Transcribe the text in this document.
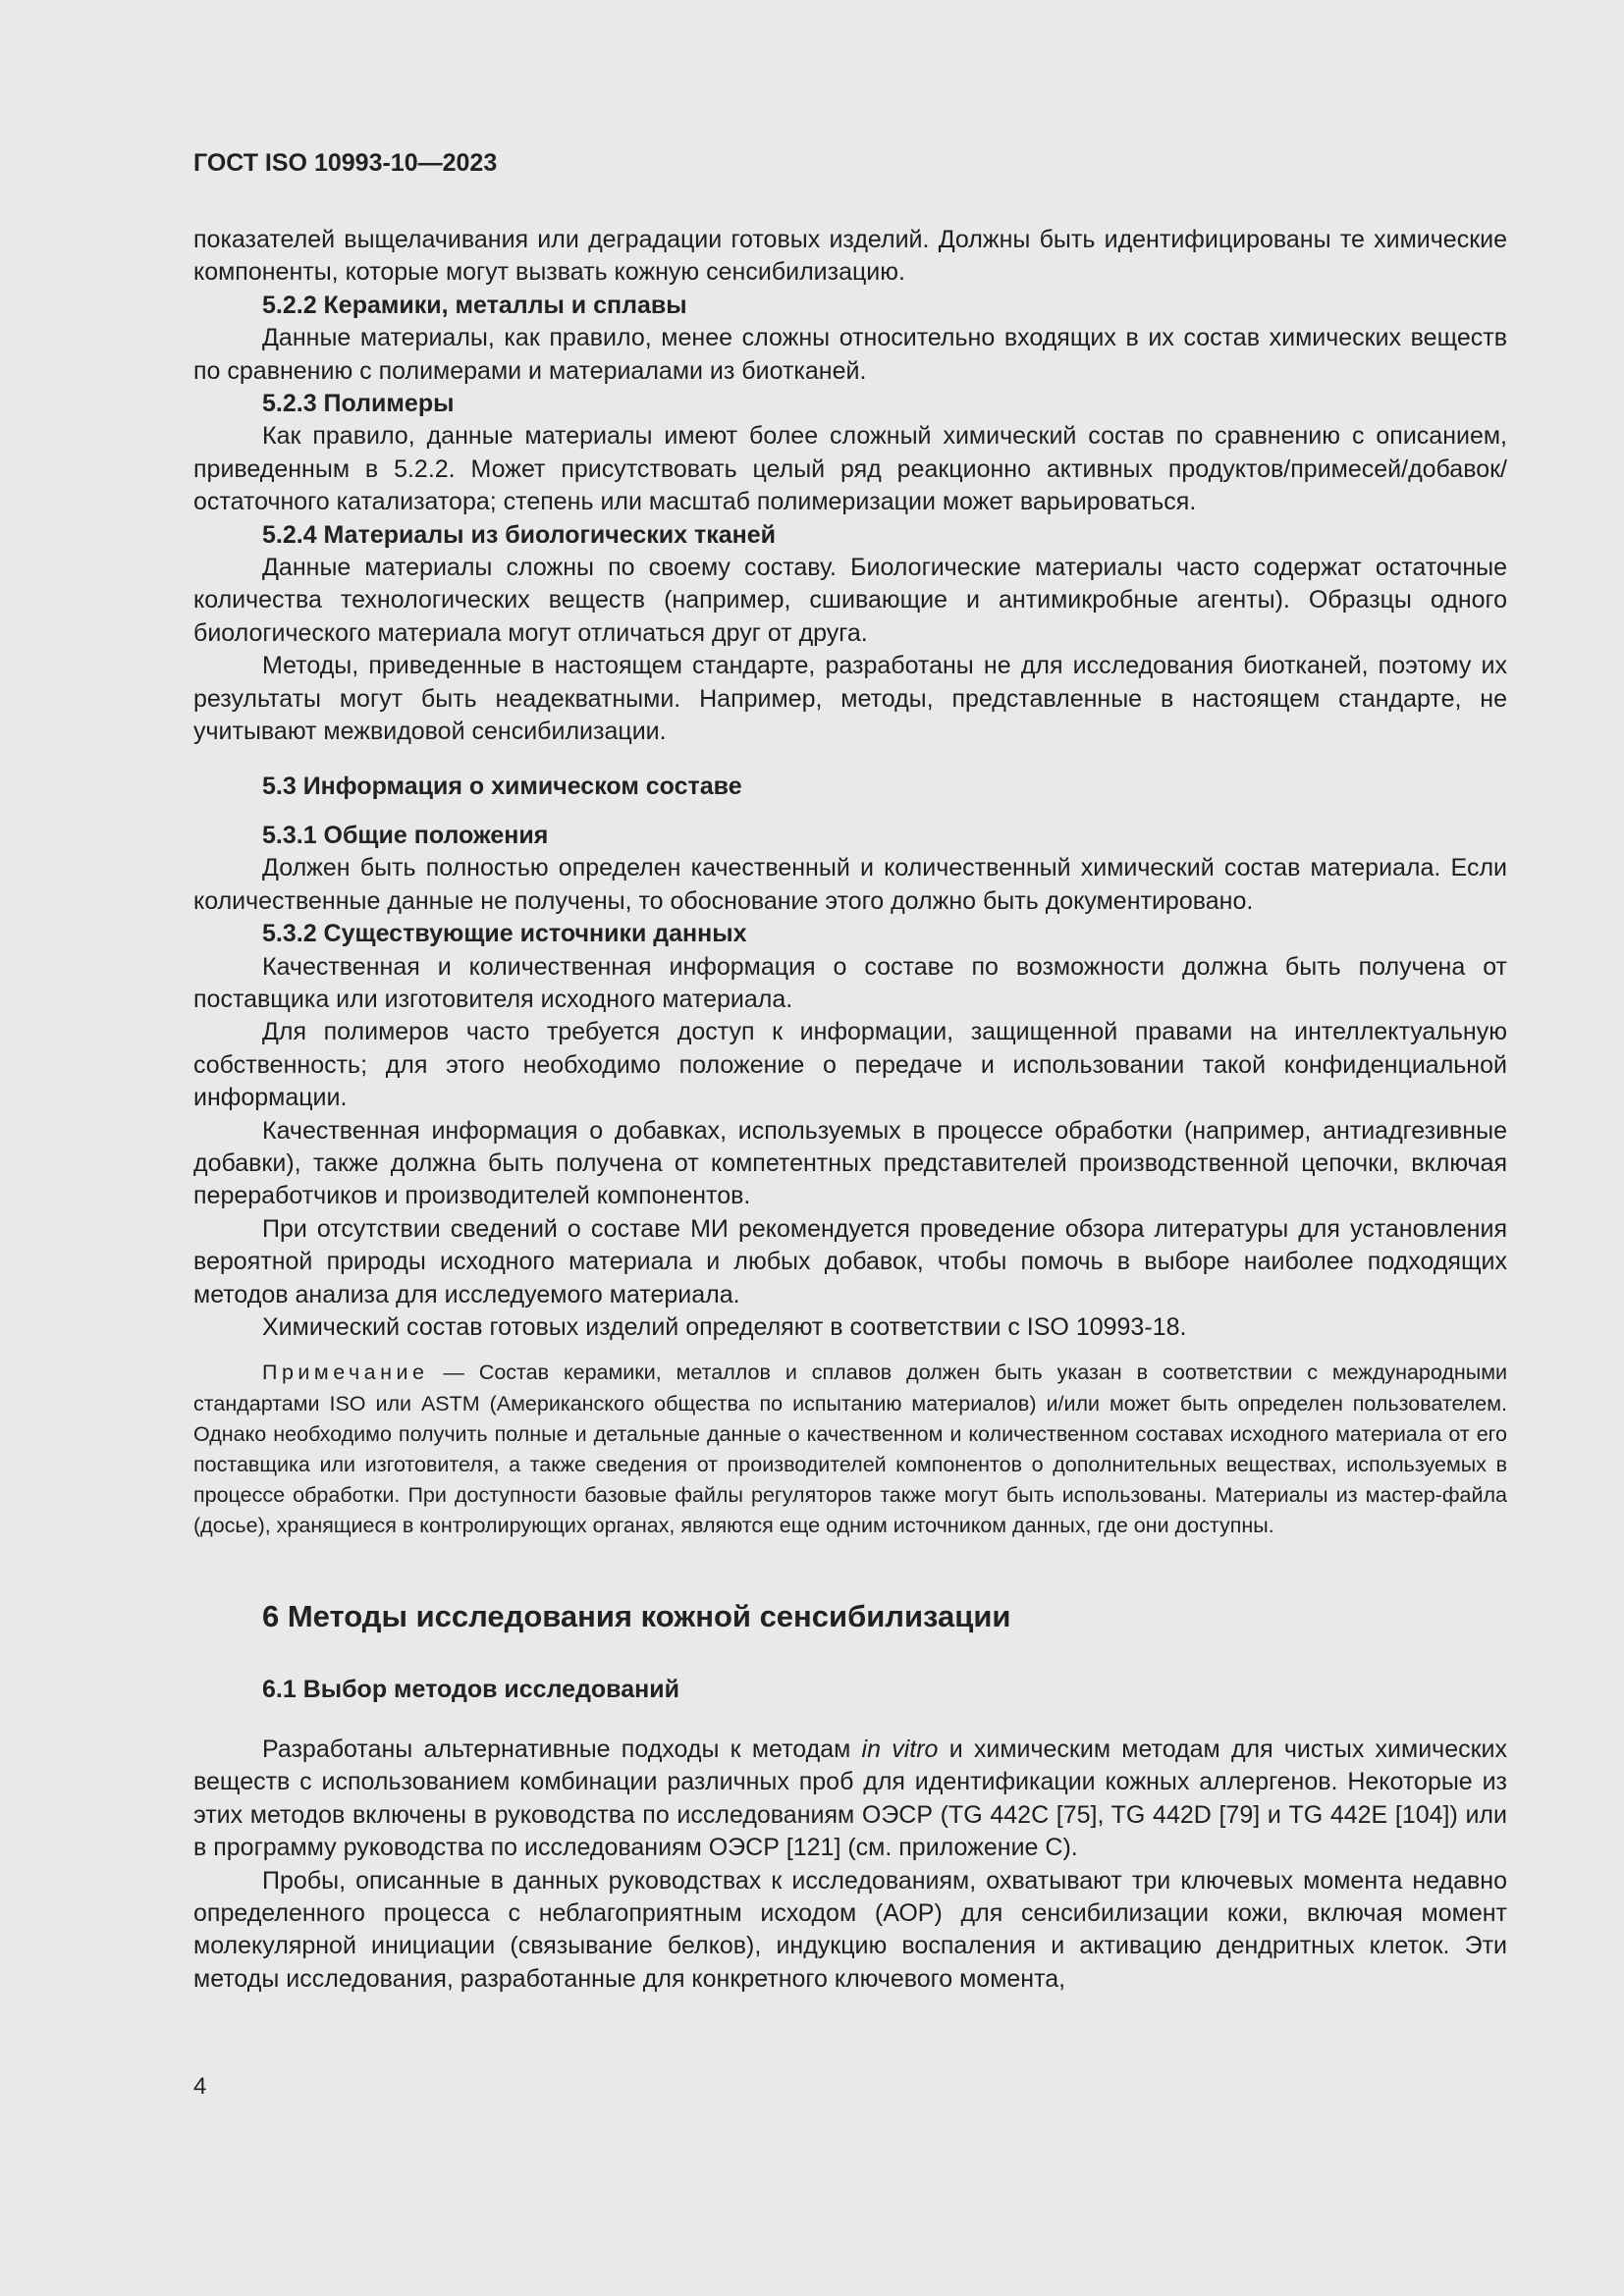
ГОСТ ISO 10993-10—2023

показателей выщелачивания или деградации готовых изделий. Должны быть идентифицированы те химические компоненты, которые могут вызвать кожную сенсибилизацию.

5.2.2 Керамики, металлы и сплавы

Данные материалы, как правило, менее сложны относительно входящих в их состав химических веществ по сравнению с полимерами и материалами из биотканей.

5.2.3 Полимеры

Как правило, данные материалы имеют более сложный химический состав по сравнению с описанием, приведенным в 5.2.2. Может присутствовать целый ряд реакционно активных продуктов/примесей/добавок/остаточного катализатора; степень или масштаб полимеризации может варьироваться.

5.2.4 Материалы из биологических тканей

Данные материалы сложны по своему составу. Биологические материалы часто содержат остаточные количества технологических веществ (например, сшивающие и антимикробные агенты). Образцы одного биологического материала могут отличаться друг от друга.

Методы, приведенные в настоящем стандарте, разработаны не для исследования биотканей, поэтому их результаты могут быть неадекватными. Например, методы, представленные в настоящем стандарте, не учитывают межвидовой сенсибилизации.

5.3 Информация о химическом составе
5.3.1 Общие положения

Должен быть полностью определен качественный и количественный химический состав материала. Если количественные данные не получены, то обоснование этого должно быть документировано.

5.3.2 Существующие источники данных

Качественная и количественная информация о составе по возможности должна быть получена от поставщика или изготовителя исходного материала.

Для полимеров часто требуется доступ к информации, защищенной правами на интеллектуальную собственность; для этого необходимо положение о передаче и использовании такой конфиденциальной информации.

Качественная информация о добавках, используемых в процессе обработки (например, антиадгезивные добавки), также должна быть получена от компетентных представителей производственной цепочки, включая переработчиков и производителей компонентов.

При отсутствии сведений о составе МИ рекомендуется проведение обзора литературы для установления вероятной природы исходного материала и любых добавок, чтобы помочь в выборе наиболее подходящих методов анализа для исследуемого материала.

Химический состав готовых изделий определяют в соответствии с ISO 10993-18.

Примечание — Состав керамики, металлов и сплавов должен быть указан в соответствии с международными стандартами ISO или ASTM (Американского общества по испытанию материалов) и/или может быть определен пользователем. Однако необходимо получить полные и детальные данные о качественном и количественном составах исходного материала от его поставщика или изготовителя, а также сведения от производителей компонентов о дополнительных веществах, используемых в процессе обработки. При доступности базовые файлы регуляторов также могут быть использованы. Материалы из мастер-файла (досье), хранящиеся в контролирующих органах, являются еще одним источником данных, где они доступны.

6 Методы исследования кожной сенсибилизации
6.1 Выбор методов исследований

Разработаны альтернативные подходы к методам in vitro и химическим методам для чистых химических веществ с использованием комбинации различных проб для идентификации кожных аллергенов. Некоторые из этих методов включены в руководства по исследованиям ОЭСР (TG 442C [75], TG 442D [79] и TG 442E [104]) или в программу руководства по исследованиям ОЭСР [121] (см. приложение С).

Пробы, описанные в данных руководствах к исследованиям, охватывают три ключевых момента недавно определенного процесса с неблагоприятным исходом (АОР) для сенсибилизации кожи, включая момент молекулярной инициации (связывание белков), индукцию воспаления и активацию дендритных клеток. Эти методы исследования, разработанные для конкретного ключевого момента,

4
